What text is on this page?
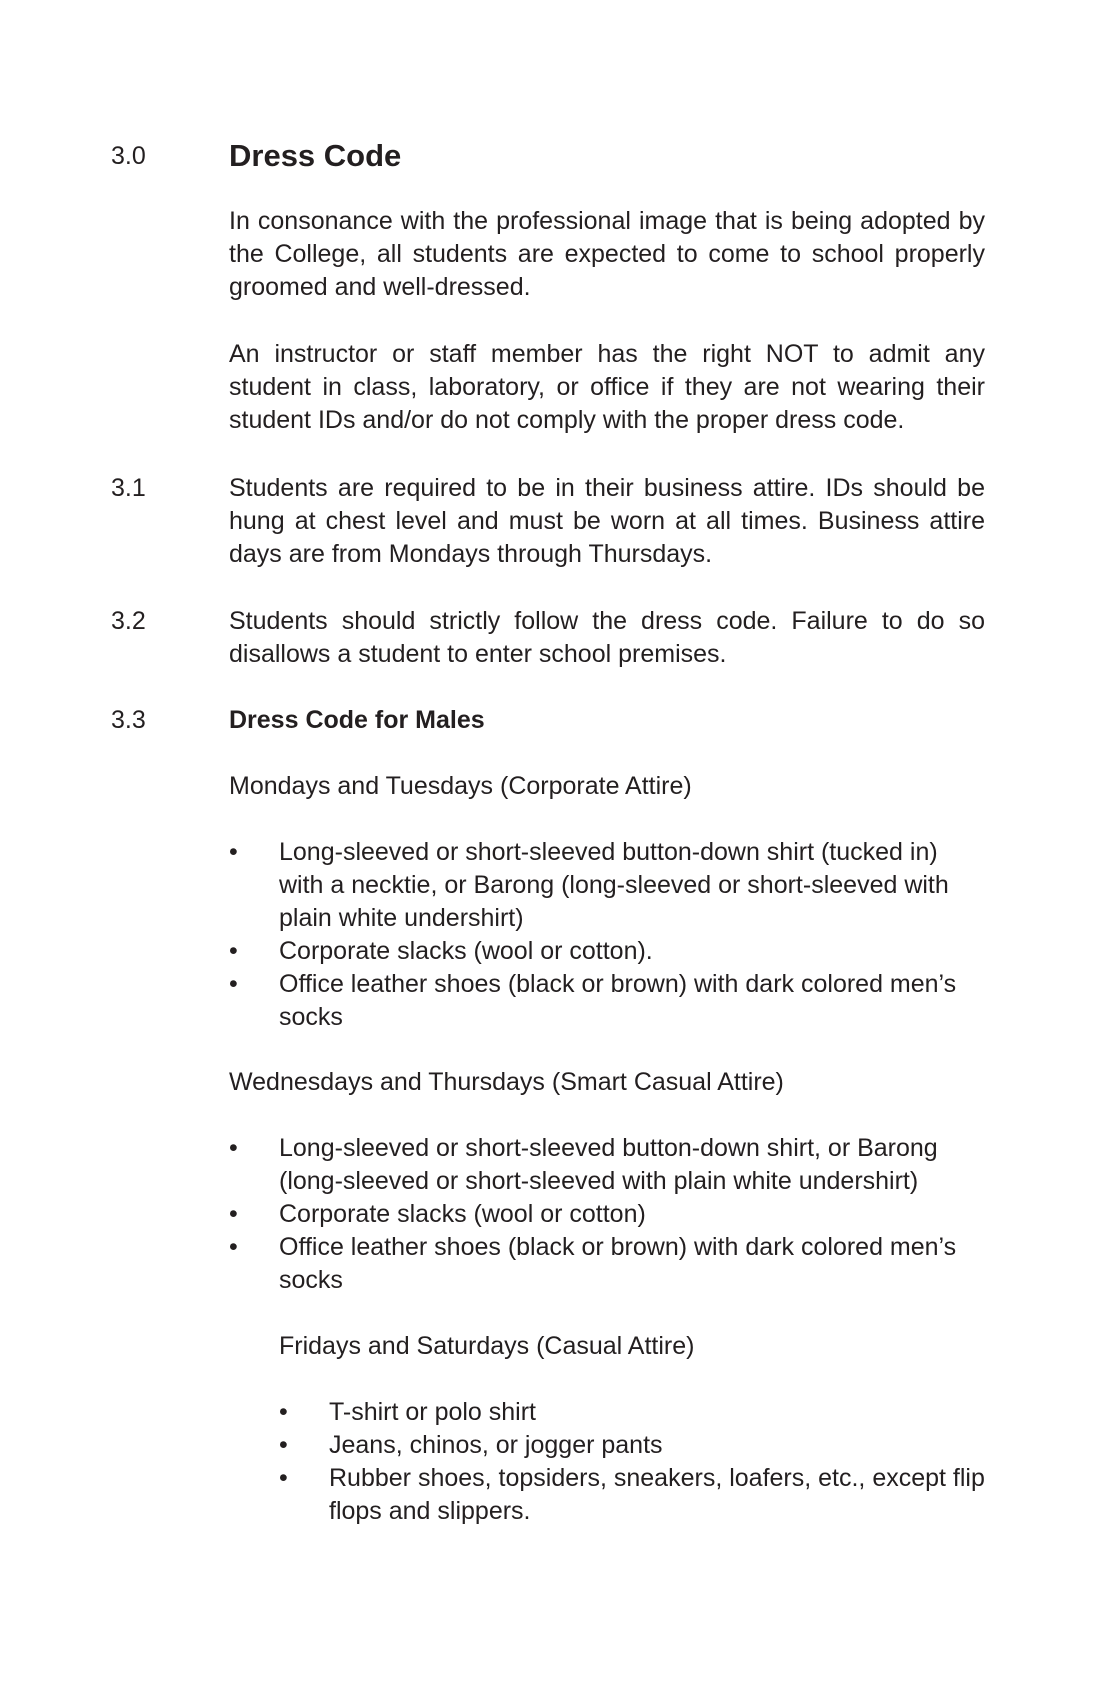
3.0	Dress Code
In consonance with the professional image that is being adopted by the College, all students are expected to come to school properly groomed and well-dressed.
An instructor or staff member has the right NOT to admit any student in class, laboratory, or office if they are not wearing their student IDs and/or do not comply with the proper dress code.
3.1	Students are required to be in their business attire. IDs should be hung at chest level and must be worn at all times. Business attire days are from Mondays through Thursdays.
3.2	Students should strictly follow the dress code. Failure to do so disallows a student to enter school premises.
3.3	Dress Code for Males
Mondays and Tuesdays (Corporate Attire)
•	Long-sleeved or short-sleeved button-down shirt (tucked in) with a necktie, or Barong (long-sleeved or short-sleeved with plain white undershirt)
•	Corporate slacks (wool or cotton).
•	Office leather shoes (black or brown) with dark colored men’s socks
Wednesdays and Thursdays (Smart Casual Attire)
•	Long-sleeved or short-sleeved button-down shirt, or Barong (long-sleeved or short-sleeved with plain white undershirt)
•	Corporate slacks (wool or cotton)
•	Office leather shoes (black or brown) with dark colored men’s socks
Fridays and Saturdays (Casual Attire)
•	T-shirt or polo shirt
•	Jeans, chinos, or jogger pants
•	Rubber shoes, topsiders, sneakers, loafers, etc., except flip flops and slippers.
